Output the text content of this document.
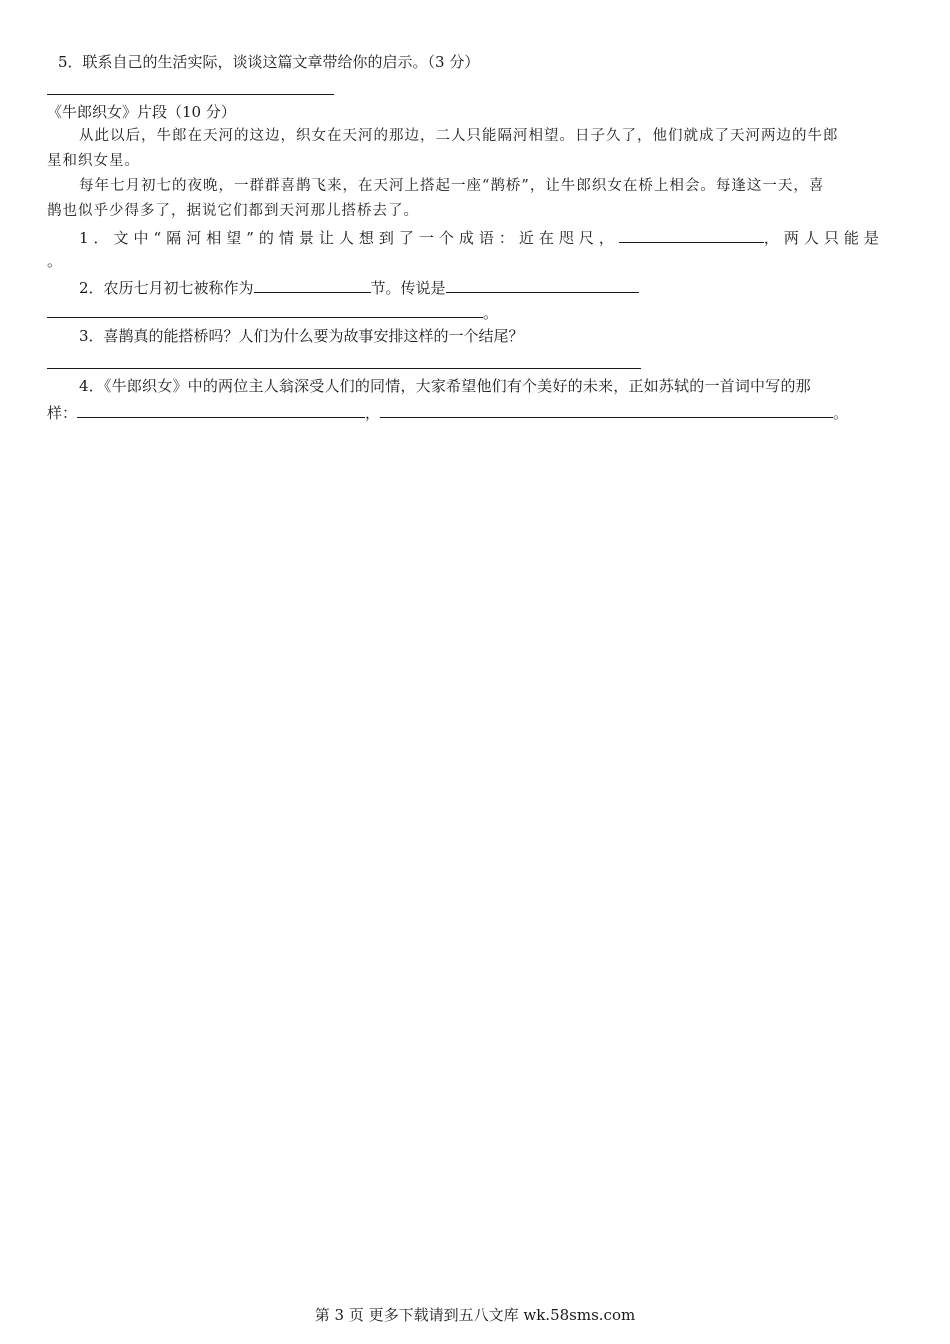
5．联系自己的生活实际，谈谈这篇文章带给你的启示。（3 分）
《牛郎织女》片段（10 分）
从此以后，牛郎在天河的这边，织女在天河的那边，二人只能隔河相望。日子久了，他们就成了天河两边的牛郎
星和织女星。
每年七月初七的夜晚，一群群喜鹊飞来，在天河上搭起一座“鹊桥”，让牛郎织女在桥上相会。每逢这一天，喜
鹊也似乎少得多了，据说它们都到天河那儿搭桥去了。
1．文中“隔河相望”的情景让人想到了一个成语：近在咫尺，	，两人只能是
。
2．农历七月初七被称作为	节。传说是
。
3．喜鹊真的能搭桥吗？人们为什么要为故事安排这样的一个结尾？
4．《牛郎织女》中的两位主人翁深受人们的同情，大家希望他们有个美好的未来，正如苏轼的一首词中写的那
样：	，	。
第 3 页 更多下载请到五八文库 wk.58sms.com
